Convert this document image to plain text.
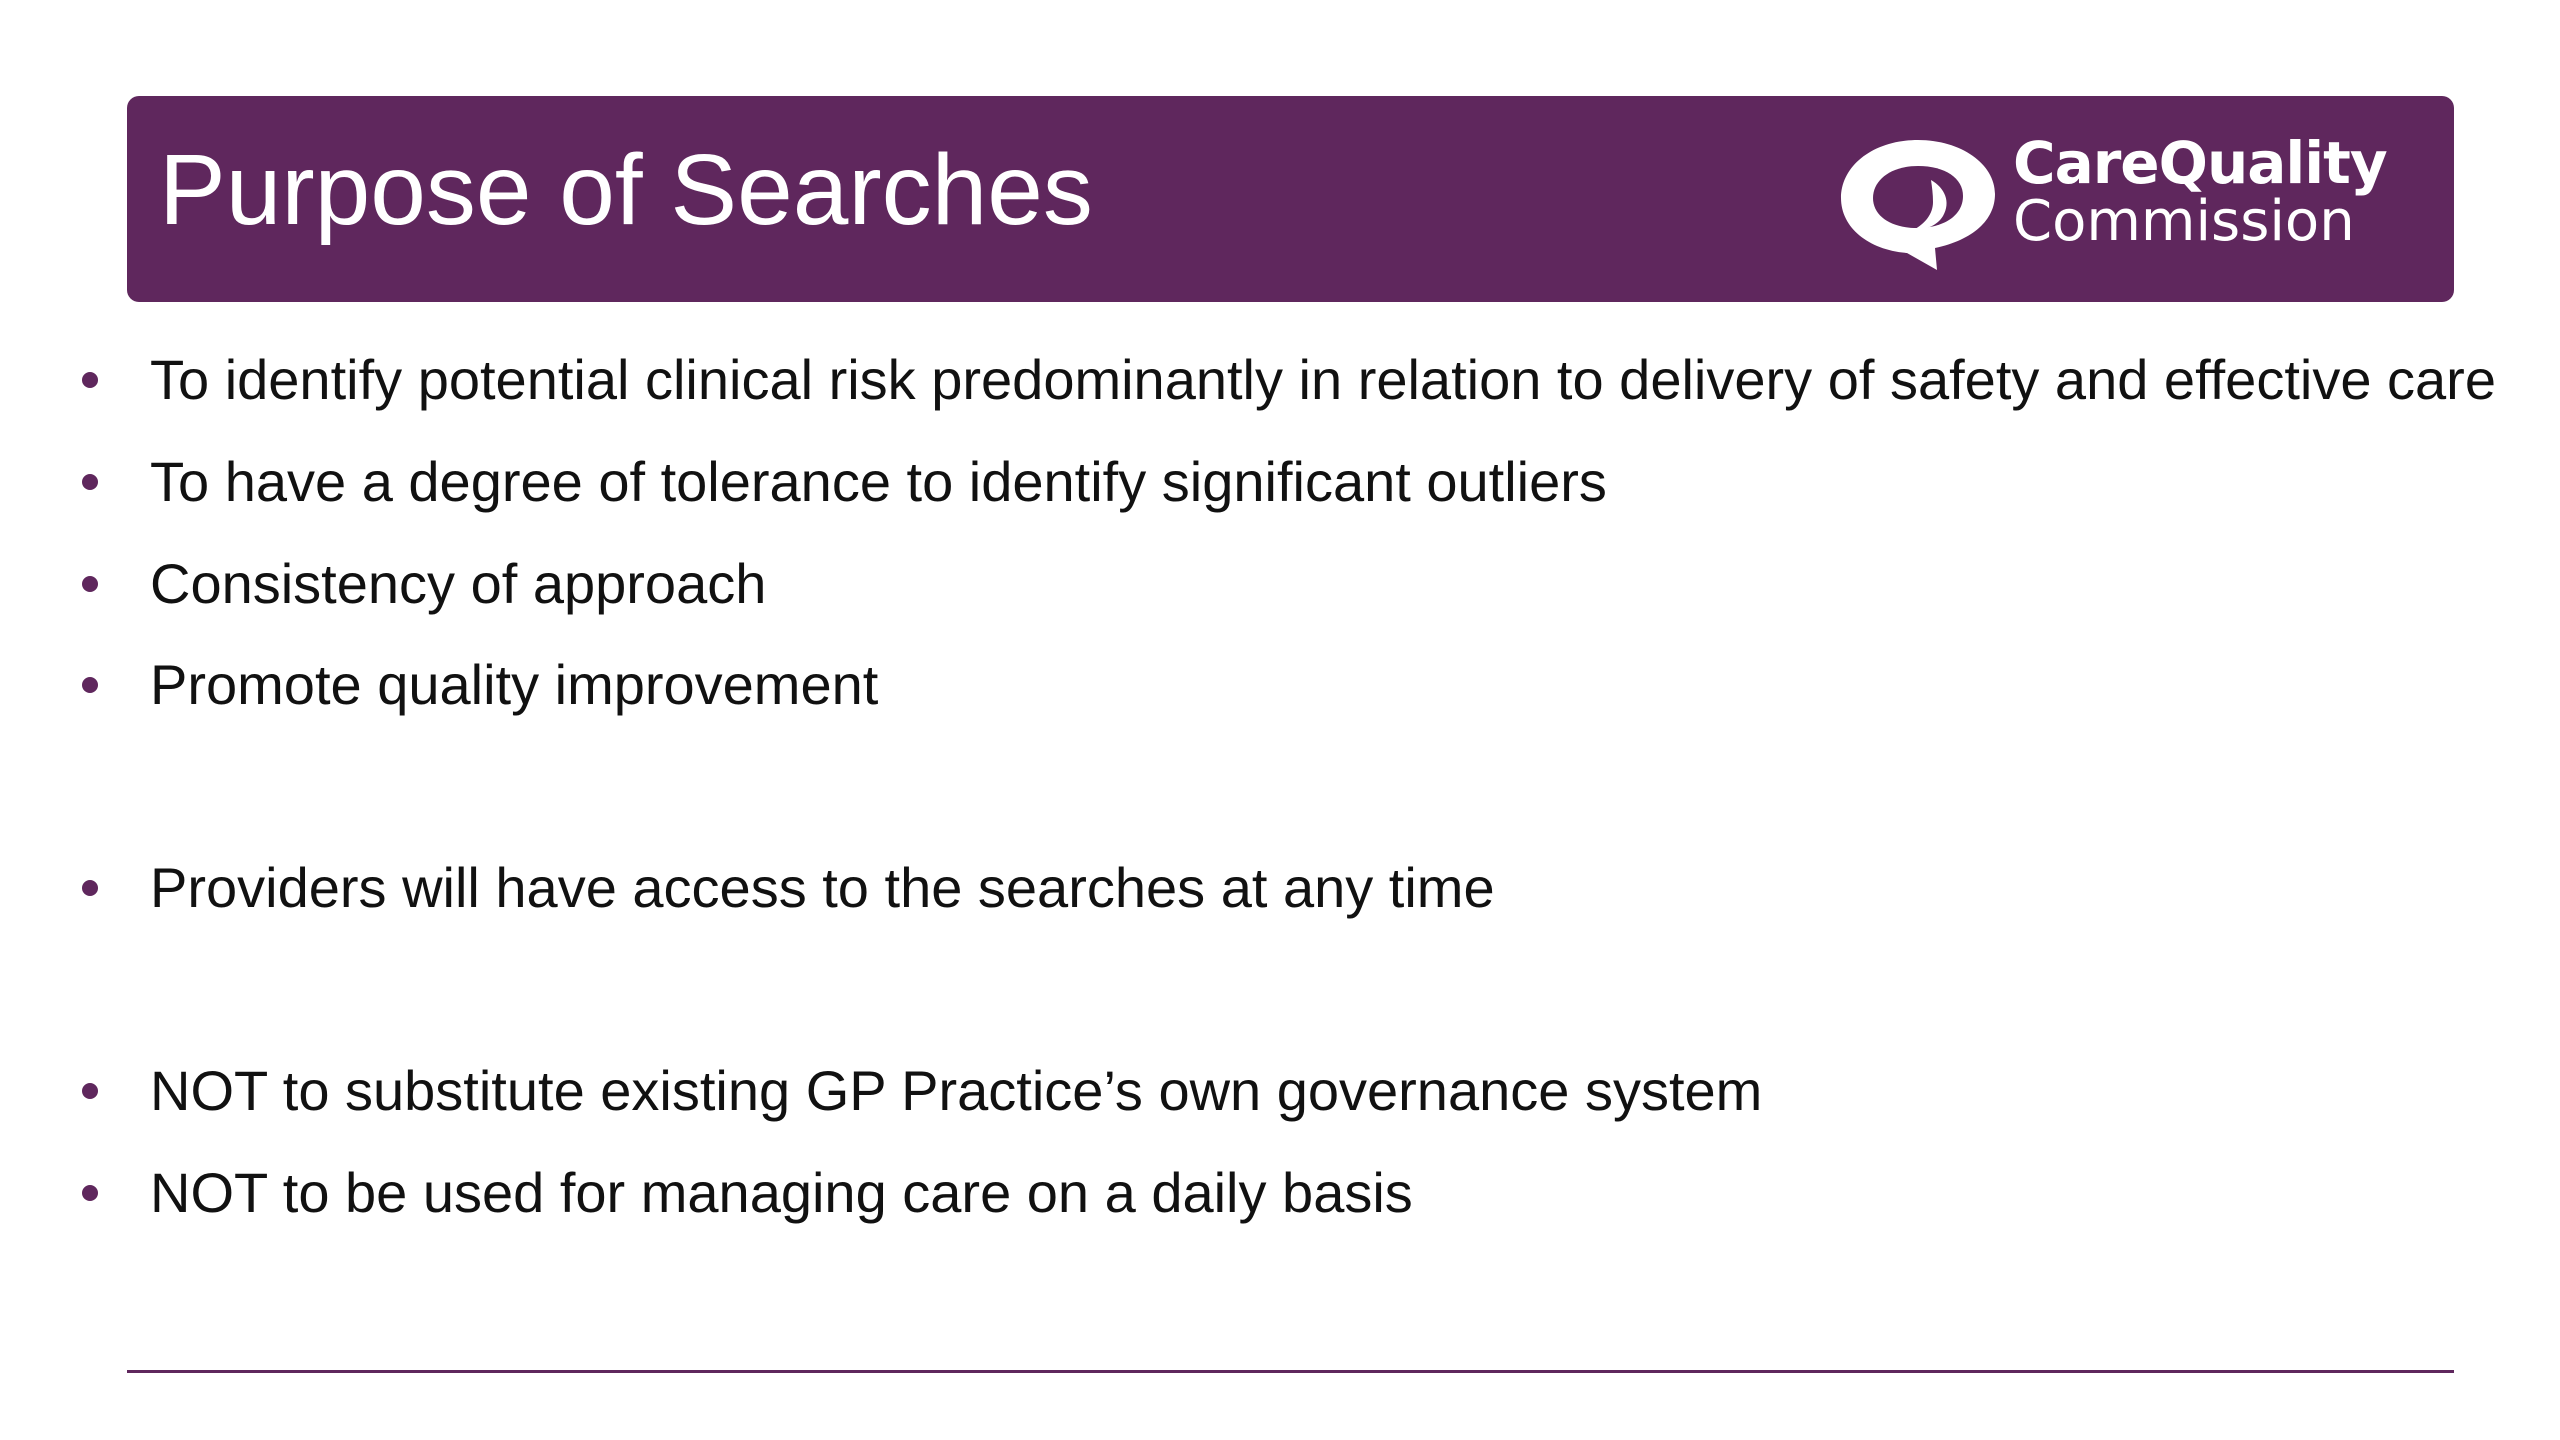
Purpose of Searches	CareQuality
Commission
To identify potential clinical risk predominantly in relation to delivery of safety and effective care
To have a degree of tolerance to identify significant outliers
Consistency of approach
Promote quality improvement
Providers will have access to the searches at any time
NOT to substitute existing GP Practice’s own governance system
NOT to be used for managing care on a daily basis
